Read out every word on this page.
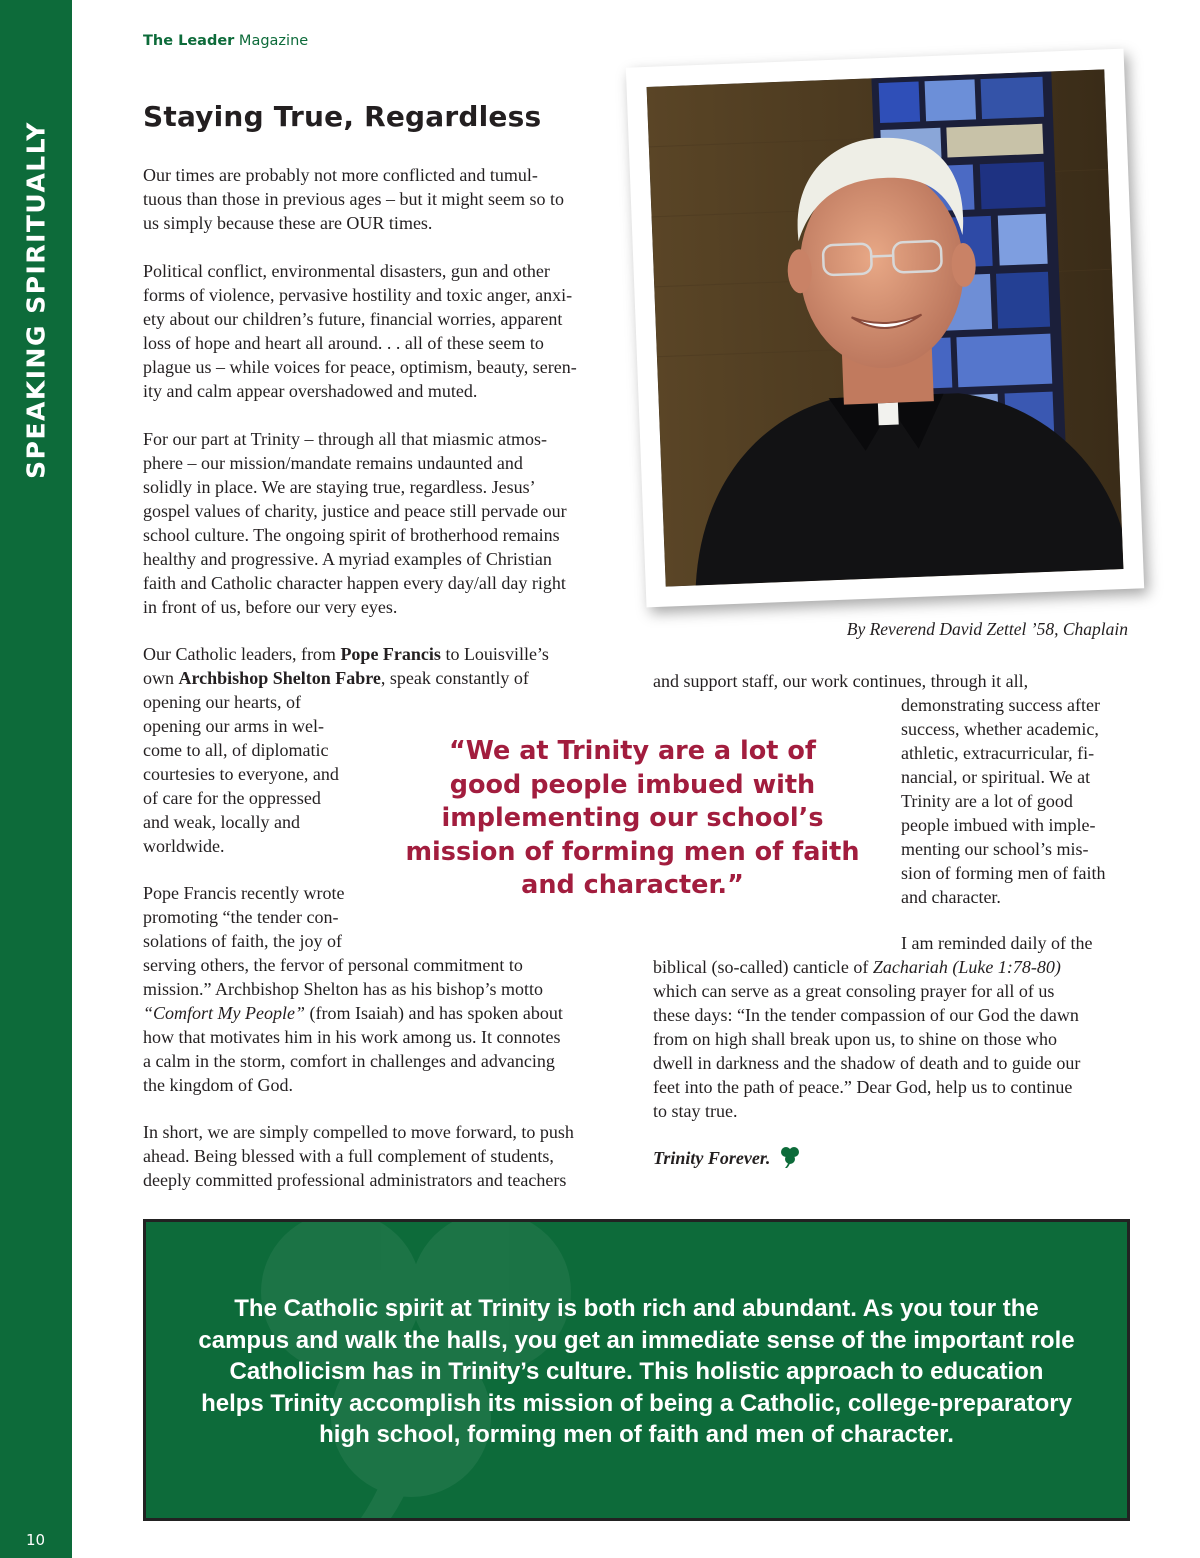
SPEAKING SPIRITUALLY
10
The Leader Magazine
Staying True, Regardless
Our times are probably not more conflicted and tumul-
tuous than those in previous ages – but it might seem so to
us simply because these are OUR times.
Political conflict, environmental disasters, gun and other
forms of violence, pervasive hostility and toxic anger, anxi-
ety about our children’s future, financial worries, apparent
loss of hope and heart all around. . . all of these seem to
plague us – while voices for peace, optimism, beauty, seren-
ity and calm appear overshadowed and muted.
For our part at Trinity – through all that miasmic atmos-
phere – our mission/mandate remains undaunted and
solidly in place. We are staying true, regardless. Jesus’
gospel values of charity, justice and peace still pervade our
school culture. The ongoing spirit of brotherhood remains
healthy and progressive. A myriad examples of Christian
faith and Catholic character happen every day/all day right
in front of us, before our very eyes.
Our Catholic leaders, from Pope Francis to Louisville’s
own Archbishop Shelton Fabre, speak constantly of
opening our hearts, of
opening our arms in wel-
come to all, of diplomatic
courtesies to everyone, and
of care for the oppressed
and weak, locally and
worldwide.
Pope Francis recently wrote
promoting “the tender con-
solations of faith, the joy of
serving others, the fervor of personal commitment to
mission.” Archbishop Shelton has as his bishop’s motto
“Comfort My People” (from Isaiah) and has spoken about
how that motivates him in his work among us. It connotes
a calm in the storm, comfort in challenges and advancing
the kingdom of God.
In short, we are simply compelled to move forward, to push
ahead. Being blessed with a full complement of students,
deeply committed professional administrators and teachers
By Reverend David Zettel ’58, Chaplain
“We at Trinity are a lot of
good people imbued with
implementing our school’s
mission of forming men of faith
and character.”
and support staff, our work continues, through it all,
demonstrating success after
success, whether academic,
athletic, extracurricular, fi-
nancial, or spiritual. We at
Trinity are a lot of good
people imbued with imple-
menting our school’s mis-
sion of forming men of faith
and character.
I am reminded daily of the
biblical (so-called) canticle of Zachariah (Luke 1:78-80)
which can serve as a great consoling prayer for all of us
these days: “In the tender compassion of our God the dawn
from on high shall break upon us, to shine on those who
dwell in darkness and the shadow of death and to guide our
feet into the path of peace.” Dear God, help us to continue
to stay true.
Trinity Forever.
The Catholic spirit at Trinity is both rich and abundant. As you tour the
campus and walk the halls, you get an immediate sense of the important role
Catholicism has in Trinity’s culture. This holistic approach to education
helps Trinity accomplish its mission of being a Catholic, college-preparatory
high school, forming men of faith and men of character.
